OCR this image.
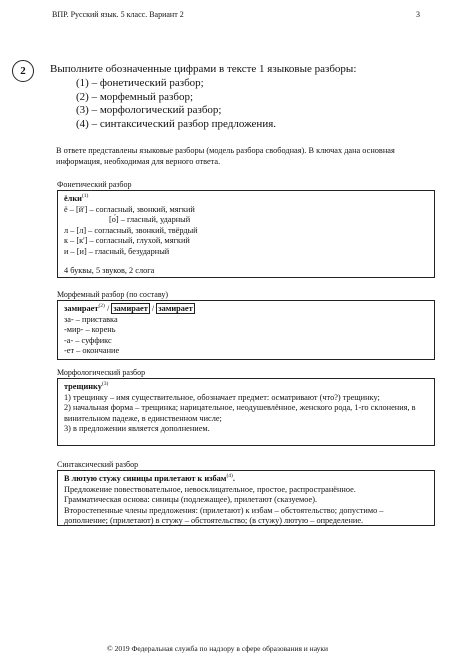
ВПР. Русский язык. 5 класс. Вариант 2	3
2	Выполните обозначенные цифрами в тексте 1 языковые разборы:
(1) – фонетический разбор;
(2) – морфемный разбор;
(3) – морфологический разбор;
(4) – синтаксический разбор предложения.
В ответе представлены языковые разборы (модель разбора свободная). В ключах дана основная информация, необходимая для верного ответа.
Фонетический разбор
ёлки$^{(1)}$
ё – [й'] – согласный, звонкий, мягкий
[о́] – гласный, ударный
л – [л] – согласный, звонкий, твёрдый
к – [к'] – согласный, глухой, мягкий
и – [и] – гласный, безударный
4 буквы, 5 звуков, 2 слога
Морфемный разбор (по составу)
замирает$^{(2)}$ / замирает / замирает
за- – приставка
-мир- – корень
-а- – суффикс
-ет – окончание
Морфологический разбор
трещинку$^{(3)}$
1) трещинку – имя существительное, обозначает предмет: осматривают (что?) трещинку;
2) начальная форма – трещинка; нарицательное, неодушевлённое, женского рода, 1-го склонения, в винительном падеже, в единственном числе;
3) в предложении является дополнением.
Синтаксический разбор
В лютую стужу синицы прилетают к избам$^{(4)}$.
Предложение повествовательное, невосклицательное, простое, распространённое.
Грамматическая основа: синицы (подлежащее), прилетают (сказуемое).
Второстепенные члены предложения: (прилетают) к избам – обстоятельство; допустимо – дополнение; (прилетают) в стужу – обстоятельство; (в стужу) лютую – определение.
© 2019 Федеральная служба по надзору в сфере образования и науки
